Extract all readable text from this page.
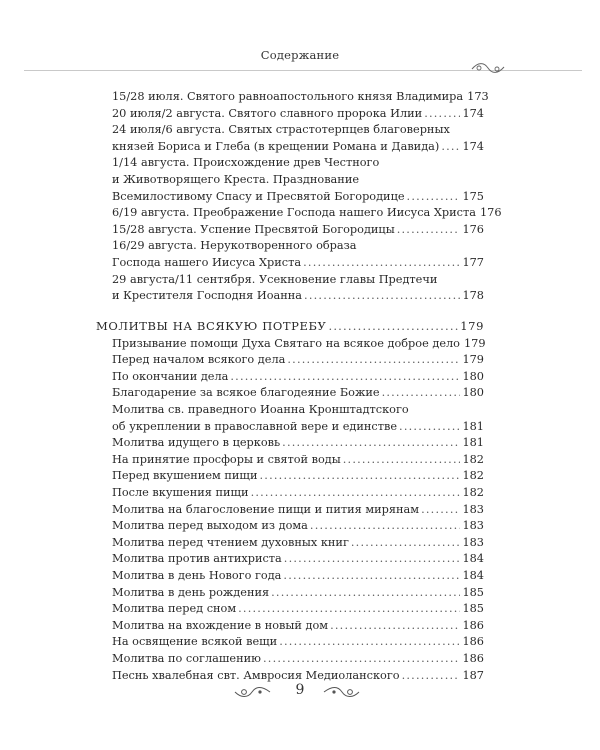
Содержание
15/28 июля. Святого равноапостольного князя Владимира 173
20 июля/2 августа. Святого славного пророка Илии .....	174
24 июля/6 августа. Святых страстотерпцев благоверных
князей Бориса и Глеба (в крещении Романа и Давида) ..... 174
1/14 августа. Происхождение древ Честного
и Животворящего Креста. Празднование
Всемилостивому Спасу и Пресвятой Богородице .....	175
6/19 августа. Преображение Господа нашего Иисуса Христа 176
15/28 августа. Успение Пресвятой Богородицы .....	176
16/29 августа. Нерукотворенного образа
Господа нашего Иисуса Христа .....	177
29 августа/11 сентября. Усекновение главы Предтечи
и Крестителя Господня Иоанна .....	178
МОЛИТВЫ НА ВСЯКУЮ ПОТРЕБУ .....	179
Призывание помощи Духа Святаго на всякое доброе дело 179
Перед началом всякого дела .....	179
По окончании дела .....	180
Благодарение за всякое благодеяние Божие .....	180
Молитва св. праведного Иоанна Кронштадтского
об укреплении в православной вере и единстве .....	181
Молитва идущего в церковь .....	181
На принятие просфоры и святой воды .....	182
Перед вкушением пищи .....	182
После вкушения пищи .....	182
Молитва на благословение пищи и пития мирянам .....	183
Молитва перед выходом из дома .....	183
Молитва перед чтением духовных книг .....	183
Молитва против антихриста .....	184
Молитва в день Нового года .....	184
Молитва в день рождения .....	185
Молитва перед сном .....	185
Молитва на вхождение в новый дом .....	186
На освящение всякой вещи .....	186
Молитва по соглашению .....	186
Песнь хвалебная свт. Амвросия Медиоланского .....	187
9
